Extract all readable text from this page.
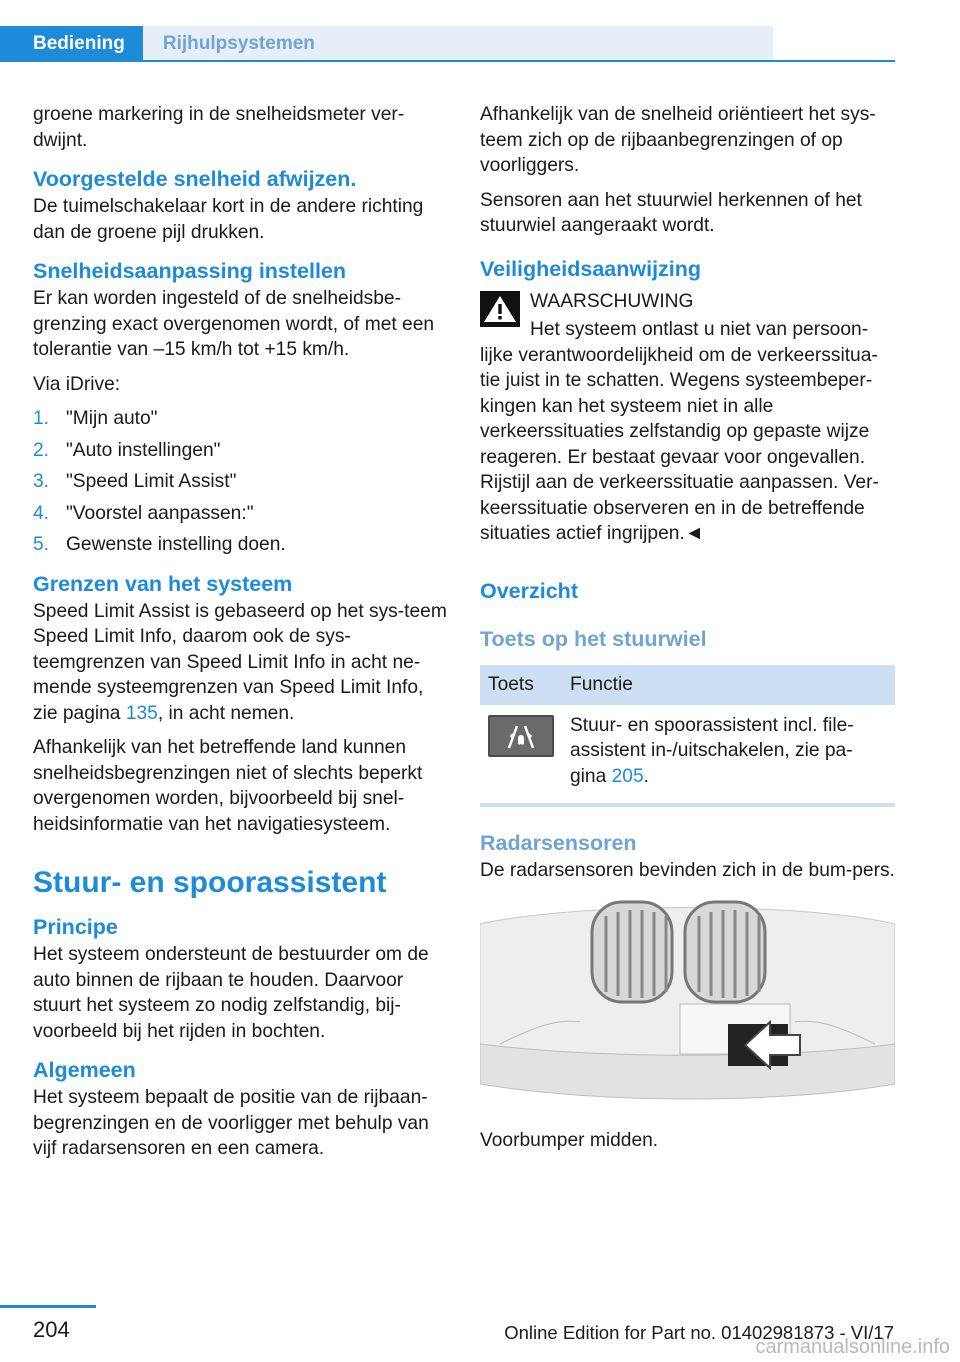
Bediening	Rijhulpsystemen

groene markering in de snelheidsmeter ver-dwijnt.

Voorgestelde snelheid afwijzen.

De tuimelschakelaar kort in de andere richting dan de groene pijl drukken.

Snelheidsaanpassing instellen

Er kan worden ingesteld of de snelheidsbe-grenzing exact overgenomen wordt, of met een tolerantie van –15 km/h tot +15 km/h.

Via iDrive:

1. "Mijn auto"
2. "Auto instellingen"
3. "Speed Limit Assist"
4. "Voorstel aanpassen:"
5. Gewenste instelling doen.
Grenzen van het systeem

Speed Limit Assist is gebaseerd op het sys-teem Speed Limit Info, daarom ook de sys-teemgrenzen van Speed Limit Info in acht ne-mende systeemgrenzen van Speed Limit Info, zie pagina 135, in acht nemen.

Afhankelijk van het betreffende land kunnen snelheidsbegrenzingen niet of slechts beperkt overgenomen worden, bijvoorbeeld bij snel-heidsinformatie van het navigatiesysteem.

Stuur- en spoorassistent
Principe

Het systeem ondersteunt de bestuurder om de auto binnen de rijbaan te houden. Daarvoor stuurt het systeem zo nodig zelfstandig, bij-voorbeeld bij het rijden in bochten.

Algemeen

Het systeem bepaalt de positie van de rijbaan-begrenzingen en de voorligger met behulp van vijf radarsensoren en een camera.

Afhankelijk van de snelheid oriëntieert het sys-teem zich op de rijbaanbegrenzingen of op voorliggers.

Sensoren aan het stuurwiel herkennen of het stuurwiel aangeraakt wordt.

Veiligheidsaanwijzing
WAARSCHUWING
Het systeem ontlast u niet van persoon-
lijke verantwoordelijkheid om de verkeerssitua-tie juist in te schatten. Wegens systeembeper-kingen kan het systeem niet in alle verkeerssituaties zelfstandig op gepaste wijze reageren. Er bestaat gevaar voor ongevallen. Rijstijl aan de verkeerssituatie aanpassen. Ver-keerssituatie observeren en in de betreffende situaties actief ingrijpen.◄
Overzicht
Toets op het stuurwiel
Toets	Functie

	Stuur- en spoorassistent incl. file-assistent in-/uitschakelen, zie pa-gina 205.
Radarsensoren

De radarsensoren bevinden zich in de bum-pers.

Voorbumper midden.

204	Online Edition for Part no. 01402981873 - VI/17
carmanualsonline.info
